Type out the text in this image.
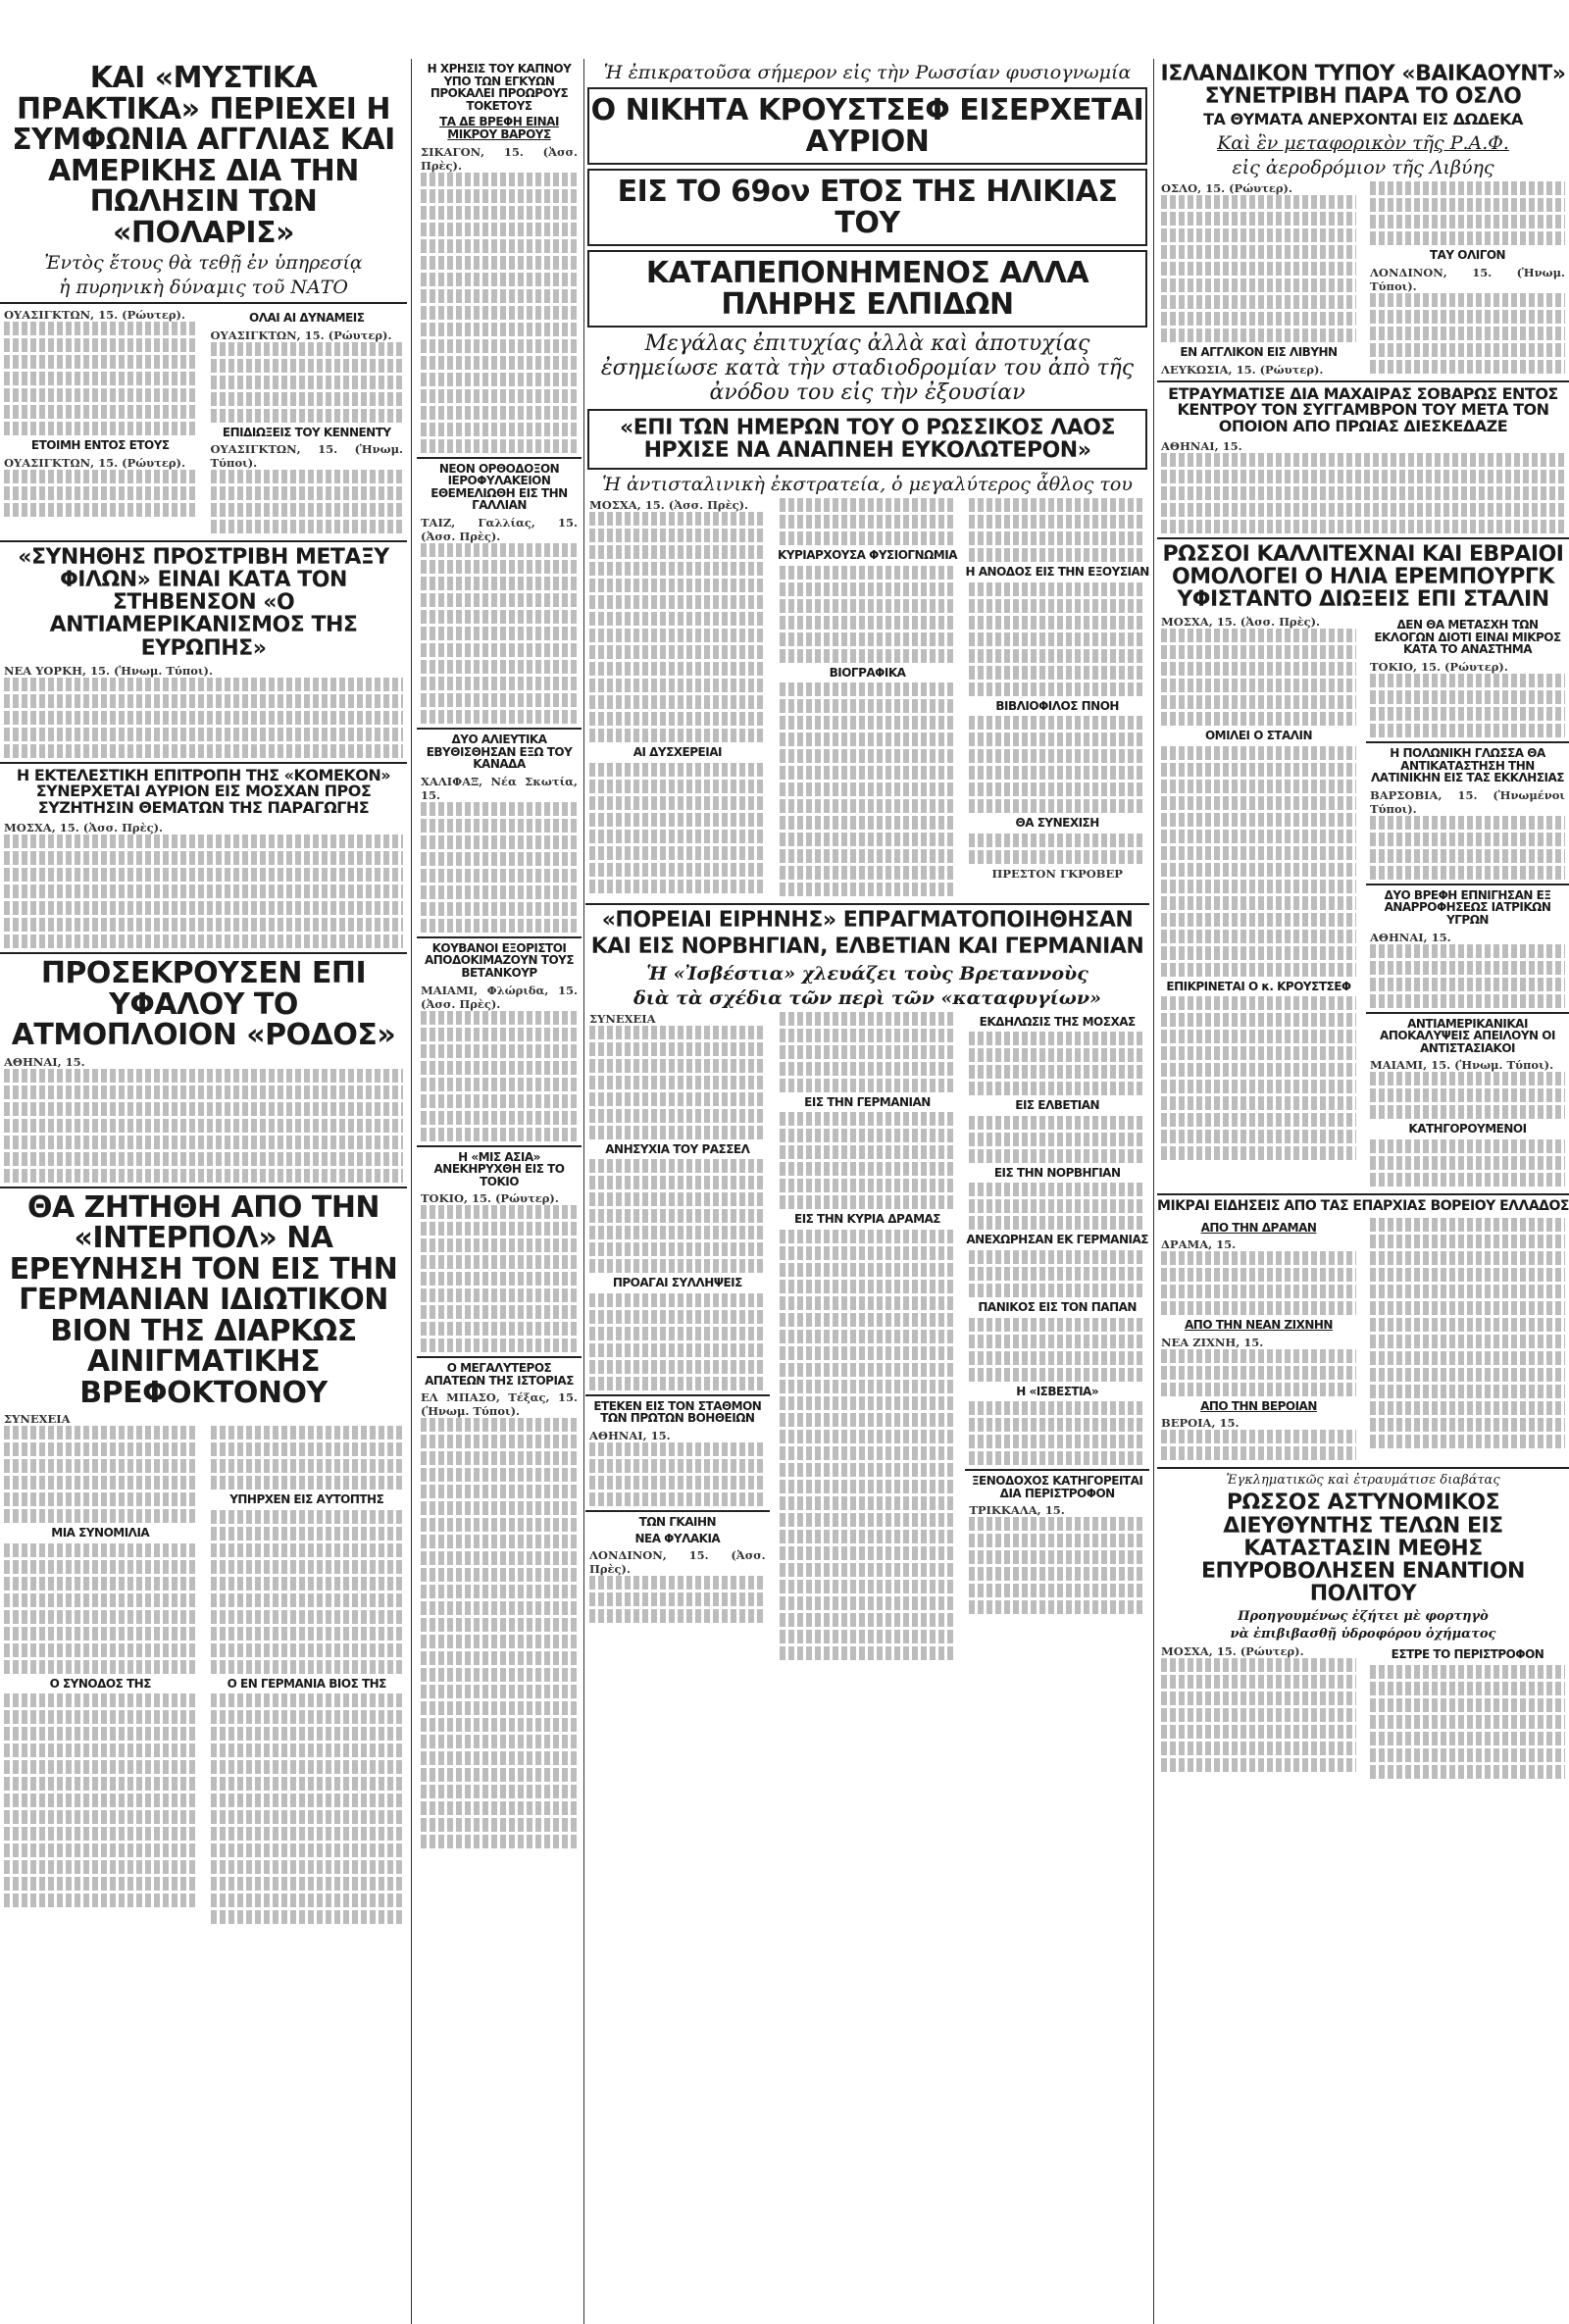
ΚΑΙ «ΜΥΣΤΙΚΑ ΠΡΑΚΤΙΚΑ» ΠΕΡΙΕΧΕΙ Η ΣΥΜΦΩΝΙΑ ΑΓΓΛΙΑΣ ΚΑΙ ΑΜΕΡΙΚΗΣ ΔΙΑ ΤΗΝ ΠΩΛΗΣΙΝ ΤΩΝ «ΠΟΛΑΡΙΣ»
Ἐντὸς ἔτους θὰ τεθῇ ἐν ὑπηρεσίᾳ
ἡ πυρηνικὴ δύναμις τοῦ ΝΑΤΟ
ΟΥΑΣΙΓΚΤΩΝ, 15. (Ρώυτερ).
ΕΤΟΙΜΗ ΕΝΤΟΣ ΕΤΟΥΣ
ΟΥΑΣΙΓΚΤΩΝ, 15. (Ρώυτερ).
ΟΛΑΙ ΑΙ ΔΥΝΑΜΕΙΣ
ΟΥΑΣΙΓΚΤΩΝ, 15. (Ρώυτερ).
ΕΠΙΔΙΩΞΕΙΣ ΤΟΥ ΚΕΝΝΕΝΤΥ
ΟΥΑΣΙΓΚΤΩΝ, 15. (Ἡνωμ. Τύποι).
«ΣΥΝΗΘΗΣ ΠΡΟΣΤΡΙΒΗ ΜΕΤΑΞΥ ΦΙΛΩΝ» ΕΙΝΑΙ ΚΑΤΑ ΤΟΝ ΣΤΗΒΕΝΣΟΝ «Ο ΑΝΤΙΑΜΕΡΙΚΑΝΙΣΜΟΣ ΤΗΣ ΕΥΡΩΠΗΣ»
ΝΕΑ ΥΟΡΚΗ, 15. (Ἡνωμ. Τύποι).
Η ΕΚΤΕΛΕΣΤΙΚΗ ΕΠΙΤΡΟΠΗ ΤΗΣ «ΚΟΜΕΚΟΝ» ΣΥΝΕΡΧΕΤΑΙ ΑΥΡΙΟΝ ΕΙΣ ΜΟΣΧΑΝ ΠΡΟΣ ΣΥΖΗΤΗΣΙΝ ΘΕΜΑΤΩΝ ΤΗΣ ΠΑΡΑΓΩΓΗΣ
ΜΟΣΧΑ, 15. (Ἀσσ. Πρὲς).
ΠΡΟΣΕΚΡΟΥΣΕΝ ΕΠΙ ΥΦΑΛΟΥ ΤΟ ΑΤΜΟΠΛΟΙΟΝ «ΡΟΔΟΣ»
ΑΘΗΝΑΙ, 15.
ΘΑ ΖΗΤΗΘΗ ΑΠΟ ΤΗΝ «ΙΝΤΕΡΠΟΛ» ΝΑ ΕΡΕΥΝΗΣΗ ΤΟΝ ΕΙΣ ΤΗΝ ΓΕΡΜΑΝΙΑΝ ΙΔΙΩΤΙΚΟΝ ΒΙΟΝ ΤΗΣ ΔΙΑΡΚΩΣ ΑΙΝΙΓΜΑΤΙΚΗΣ ΒΡΕΦΟΚΤΟΝΟΥ
ΣΥΝΕΧΕΙΑ
ΜΙΑ ΣΥΝΟΜΙΛΙΑ
Ο ΣΥΝΟΔΟΣ ΤΗΣ
ΥΠΗΡΧΕΝ ΕΙΣ ΑΥΤΟΠΤΗΣ
Ο ΕΝ ΓΕΡΜΑΝΙΑ ΒΙΟΣ ΤΗΣ
Η ΧΡΗΣΙΣ ΤΟΥ ΚΑΠΝΟΥ ΥΠΟ ΤΩΝ ΕΓΚΥΩΝ ΠΡΟΚΑΛΕΙ ΠΡΟΩΡΟΥΣ ΤΟΚΕΤΟΥΣ
ΤΑ ΔΕ ΒΡΕΦΗ ΕΙΝΑΙ ΜΙΚΡΟΥ ΒΑΡΟΥΣ
ΣΙΚΑΓΟΝ, 15. (Ἀσσ. Πρὲς).
ΝΕΟΝ ΟΡΘΟΔΟΞΟΝ ΙΕΡΟΦΥΛΑΚΕΙΟΝ ΕΘΕΜΕΛΙΩΘΗ ΕΙΣ ΤΗΝ ΓΑΛΛΙΑΝ
ΤΑΙΖ, Γαλλίας, 15. (Ἀσσ. Πρὲς).
ΔΥΟ ΑΛΙΕΥΤΙΚΑ ΕΒΥΘΙΣΘΗΣΑΝ ΕΞΩ ΤΟΥ ΚΑΝΑΔΑ
ΧΑΛΙΦΑΞ, Νέα Σκωτία, 15.
ΚΟΥΒΑΝΟΙ ΕΞΟΡΙΣΤΟΙ ΑΠΟΔΟΚΙΜΑΖΟΥΝ ΤΟΥΣ ΒΕΤΑΝΚΟΥΡ
ΜΑΙΑΜΙ, Φλώριδα, 15. (Ἀσσ. Πρὲς).
Η «ΜΙΣ ΑΣΙΑ» ΑΝΕΚΗΡΥΧΘΗ ΕΙΣ ΤΟ ΤΟΚΙΟ
ΤΟΚΙΟ, 15. (Ρώυτερ).
Ο ΜΕΓΑΛΥΤΕΡΟΣ ΑΠΑΤΕΩΝ ΤΗΣ ΙΣΤΟΡΙΑΣ
ΕΛ ΜΠΑΣΟ, Τέξας, 15. (Ἡνωμ. Τύποι).
Ἡ ἐπικρατοῦσα σήμερον εἰς τὴν Ρωσσίαν φυσιογνωμία
Ο ΝΙΚΗΤΑ ΚΡΟΥΣΤΣΕΦ ΕΙΣΕΡΧΕΤΑΙ ΑΥΡΙΟΝ
ΕΙΣ ΤΟ 69ον ΕΤΟΣ ΤΗΣ ΗΛΙΚΙΑΣ ΤΟΥ
ΚΑΤΑΠΕΠΟΝΗΜΕΝΟΣ ΑΛΛΑ ΠΛΗΡΗΣ ΕΛΠΙΔΩΝ
Μεγάλας ἐπιτυχίας ἀλλὰ καὶ ἀποτυχίας ἐσημείωσε κατὰ τὴν σταδιοδρομίαν του ἀπὸ τῆς ἀνόδου του εἰς τὴν ἐξουσίαν
«ΕΠΙ ΤΩΝ ΗΜΕΡΩΝ ΤΟΥ Ο ΡΩΣΣΙΚΟΣ ΛΑΟΣ ΗΡΧΙΣΕ ΝΑ ΑΝΑΠΝΕΗ ΕΥΚΟΛΩΤΕΡΟΝ»
Ἡ ἀντισταλινικὴ ἐκστρατεία, ὁ μεγαλύτερος ἆθλος του
ΜΟΣΧΑ, 15. (Ἀσσ. Πρὲς).
ΑΙ ΔΥΣΧΕΡΕΙΑΙ
ΚΥΡΙΑΡΧΟΥΣΑ ΦΥΣΙΟΓΝΩΜΙΑ
ΒΙΟΓΡΑΦΙΚΑ
Η ΑΝΟΔΟΣ ΕΙΣ ΤΗΝ ΕΞΟΥΣΙΑΝ
ΒΙΒΛΙΟΦΙΛΟΣ ΠΝΟΗ
ΘΑ ΣΥΝΕΧΙΣΗ
ΠΡΕΣΤΟΝ ΓΚΡΟΒΕΡ
«ΠΟΡΕΙΑΙ ΕΙΡΗΝΗΣ» ΕΠΡΑΓΜΑΤΟΠΟΙΗΘΗΣΑΝ
ΚΑΙ ΕΙΣ ΝΟΡΒΗΓΙΑΝ, ΕΛΒΕΤΙΑΝ ΚΑΙ ΓΕΡΜΑΝΙΑΝ
Ἡ «Ἰσβέστια» χλευάζει τοὺς Βρεταννοὺς
διὰ τὰ σχέδια τῶν περὶ τῶν «καταφυγίων»
ΣΥΝΕΧΕΙΑ
ΑΝΗΣΥΧΙΑ ΤΟΥ ΡΑΣΣΕΛ
ΠΡΟΑΓΑΙ ΣΥΛΛΗΨΕΙΣ
ΕΤΕΚΕΝ ΕΙΣ ΤΟΝ ΣΤΑΘΜΟΝ ΤΩΝ ΠΡΩΤΩΝ ΒΟΗΘΕΙΩΝ
ΑΘΗΝΑΙ, 15.
ΤΩΝ ΓΚΑΙΗΝ
ΝΕΑ ΦΥΛΑΚΙΑ
ΛΟΝΔΙΝΟΝ, 15. (Ἀσσ. Πρὲς).
ΕΙΣ ΤΗΝ ΓΕΡΜΑΝΙΑΝ
ΕΙΣ ΤΗΝ ΚΥΡΙΑ ΔΡΑΜΑΣ
ΕΚΔΗΛΩΣΙΣ ΤΗΣ ΜΟΣΧΑΣ
ΕΙΣ ΕΛΒΕΤΙΑΝ
ΕΙΣ ΤΗΝ ΝΟΡΒΗΓΙΑΝ
ΑΝΕΧΩΡΗΣΑΝ ΕΚ ΓΕΡΜΑΝΙΑΣ
ΠΑΝΙΚΟΣ ΕΙΣ ΤΟΝ ΠΑΠΑΝ
Η «ΙΣΒΕΣΤΙΑ»
ΞΕΝΟΔΟΧΟΣ ΚΑΤΗΓΟΡΕΙΤΑΙ ΔΙΑ ΠΕΡΙΣΤΡΟΦΟΝ
ΤΡΙΚΚΑΛΑ, 15.
ΙΣΛΑΝΔΙΚΟΝ ΤΥΠΟΥ «ΒΑΙΚΑΟΥΝΤ» ΣΥΝΕΤΡΙΒΗ ΠΑΡΑ ΤΟ ΟΣΛΟ
ΤΑ ΘΥΜΑΤΑ ΑΝΕΡΧΟΝΤΑΙ ΕΙΣ ΔΩΔΕΚΑ
Καὶ ἓν μεταφορικὸν τῆς Ρ.Α.Φ.
εἰς ἀεροδρόμιον τῆς Λιβύης
ΟΣΛΟ, 15. (Ρώυτερ).
ΕΝ ΑΓΓΛΙΚΟΝ ΕΙΣ ΛΙΒΥΗΝ
ΛΕΥΚΩΣΙΑ, 15. (Ρώυτερ).
ΤΑΥ ΟΛΙΓΟΝ
ΛΟΝΔΙΝΟΝ, 15. (Ἡνωμ. Τύποι).
ΕΤΡΑΥΜΑΤΙΣΕ ΔΙΑ ΜΑΧΑΙΡΑΣ ΣΟΒΑΡΩΣ ΕΝΤΟΣ ΚΕΝΤΡΟΥ ΤΟΝ ΣΥΓΓΑΜΒΡΟΝ ΤΟΥ ΜΕΤΑ ΤΟΝ ΟΠΟΙΟΝ ΑΠΟ ΠΡΩΙΑΣ ΔΙΕΣΚΕΔΑΖΕ
ΑΘΗΝΑΙ, 15.
ΡΩΣΣΟΙ ΚΑΛΛΙΤΕΧΝΑΙ ΚΑΙ ΕΒΡΑΙΟΙ ΟΜΟΛΟΓΕΙ Ο ΗΛΙΑ ΕΡΕΜΠΟΥΡΓΚ ΥΦΙΣΤΑΝΤΟ ΔΙΩΞΕΙΣ ΕΠΙ ΣΤΑΛΙΝ
ΜΟΣΧΑ, 15. (Ἀσσ. Πρὲς).
ΟΜΙΛΕΙ Ο ΣΤΑΛΙΝ
ΕΠΙΚΡΙΝΕΤΑΙ Ο κ. ΚΡΟΥΣΤΣΕΦ
ΔΕΝ ΘΑ ΜΕΤΑΣΧΗ ΤΩΝ ΕΚΛΟΓΩΝ ΔΙΟΤΙ ΕΙΝΑΙ ΜΙΚΡΟΣ ΚΑΤΑ ΤΟ ΑΝΑΣΤΗΜΑ
ΤΟΚΙΟ, 15. (Ρώυτερ).
Η ΠΟΛΩΝΙΚΗ ΓΛΩΣΣΑ ΘΑ ΑΝΤΙΚΑΤΑΣΤΗΣΗ ΤΗΝ ΛΑΤΙΝΙΚΗΝ ΕΙΣ ΤΑΣ ΕΚΚΛΗΣΙΑΣ
ΒΑΡΣΟΒΙΑ, 15. (Ἡνωμένοι Τύποι).
ΔΥΟ ΒΡΕΦΗ ΕΠΝΙΓΗΣΑΝ ΕΞ ΑΝΑΡΡΟΦΗΣΕΩΣ ΙΑΤΡΙΚΩΝ ΥΓΡΩΝ
ΑΘΗΝΑΙ, 15.
ΑΝΤΙΑΜΕΡΙΚΑΝΙΚΑΙ ΑΠΟΚΑΛΥΨΕΙΣ ΑΠΕΙΛΟΥΝ ΟΙ ΑΝΤΙΣΤΑΣΙΑΚΟΙ
ΜΑΙΑΜΙ, 15. (Ἡνωμ. Τύποι).
ΚΑΤΗΓΟΡΟΥΜΕΝΟΙ
ΜΙΚΡΑΙ ΕΙΔΗΣΕΙΣ ΑΠΟ ΤΑΣ ΕΠΑΡΧΙΑΣ ΒΟΡΕΙΟΥ ΕΛΛΑΔΟΣ
ΑΠΟ ΤΗΝ ΔΡΑΜΑΝ
ΔΡΑΜΑ, 15.
ΑΠΟ ΤΗΝ ΝΕΑΝ ΖΙΧΝΗΝ
ΝΕΑ ΖΙΧΝΗ, 15.
ΑΠΟ ΤΗΝ ΒΕΡΟΙΑΝ
ΒΕΡΟΙΑ, 15.
Ἐγκληματικῶς καὶ ἐτραυμάτισε διαβάτας
ΡΩΣΣΟΣ ΑΣΤΥΝΟΜΙΚΟΣ ΔΙΕΥΘΥΝΤΗΣ ΤΕΛΩΝ ΕΙΣ ΚΑΤΑΣΤΑΣΙΝ ΜΕΘΗΣ ΕΠΥΡΟΒΟΛΗΣΕΝ ΕΝΑΝΤΙΟΝ ΠΟΛΙΤΟΥ
Προηγουμένως ἐζήτει μὲ φορτηγὸ
νὰ ἐπιβιβασθῇ ὑδροφόρου ὀχήματος
ΜΟΣΧΑ, 15. (Ρώυτερ).	ΕΣΤΡΕ ΤΟ ΠΕΡΙΣΤΡΟΦΟΝ
